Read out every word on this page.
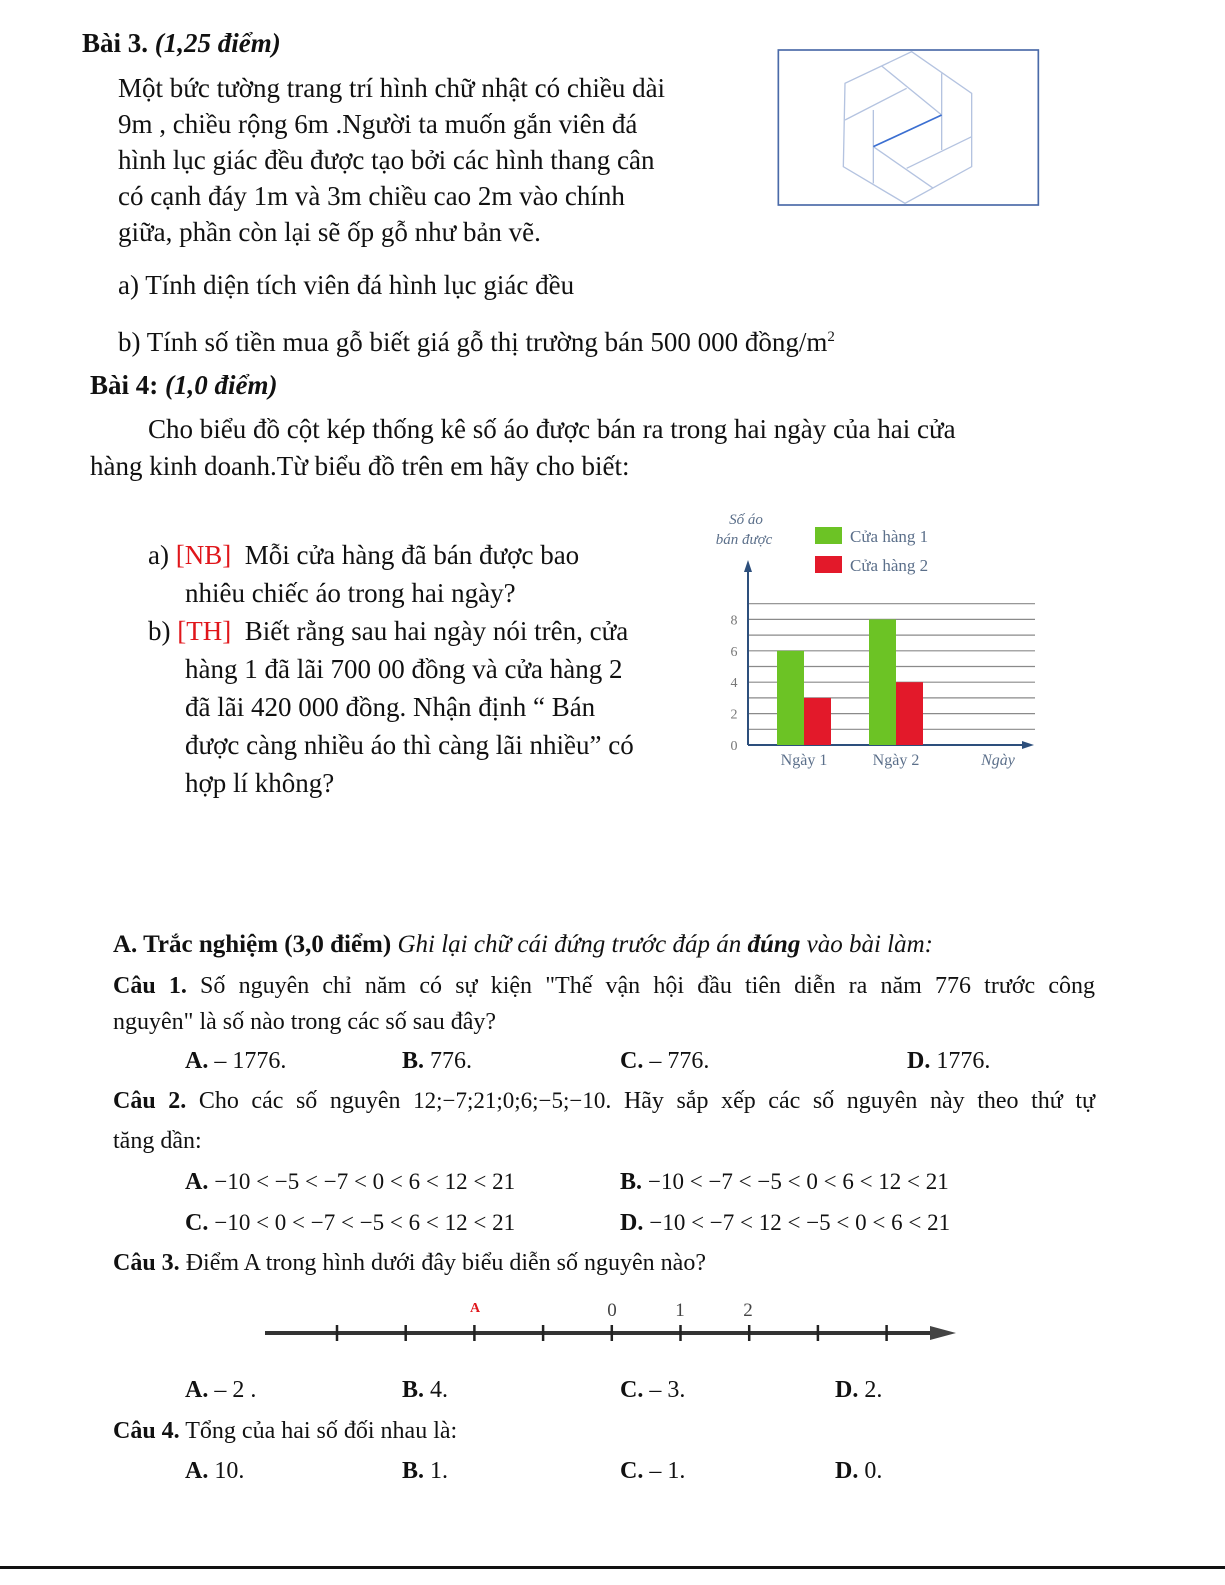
Bài 3. (1,25 điểm)
Một bức tường trang trí hình chữ nhật có chiều dài
9m , chiều rộng 6m .Người ta muốn gắn viên đá
hình lục giác đều được tạo bởi các hình thang cân
có cạnh đáy 1m và 3m chiều cao 2m vào chính
giữa, phần còn lại sẽ ốp gỗ như bản vẽ.
a) Tính diện tích viên đá hình lục giác đều
b) Tính số tiền mua gỗ biết giá gỗ thị trường bán 500 000 đồng/$m^2$
Bài 4: (1,0 điểm)
Cho biểu đồ cột kép thống kê số áo được bán ra trong hai ngày của hai cửa
hàng kinh doanh.Từ biểu đồ trên em hãy cho biết:
a) [NB] Mỗi cửa hàng đã bán được bao
nhiêu chiếc áo trong hai ngày?
b) [TH] Biết rằng sau hai ngày nói trên, cửa
hàng 1 đã lãi 700 00 đồng và cửa hàng 2
đã lãi 420 000 đồng. Nhận định “ Bán
được càng nhiều áo thì càng lãi nhiều” có
hợp lí không?
0
2
4
6
8
Ngày 1	Ngày 2	Ngày
Số áo
bán được	Cửa hàng 1
Cửa hàng 2
A. Trắc nghiệm (3,0 điểm) Ghi lại chữ cái đứng trước đáp án đúng vào bài làm:
Câu 1. Số nguyên chỉ năm có sự kiện "Thế vận hội đầu tiên diễn ra năm 776 trước công
nguyên" là số nào trong các số sau đây?
A. – 1776.	B. 776.	C. – 776.	D. 1776.
Câu 2. Cho các số nguyên 12;−7;21;0;6;−5;−10. Hãy sắp xếp các số nguyên này theo thứ tự
tăng dần:
A. −10 < −5 < −7 < 0 < 6 < 12 < 21	B. −10 < −7 < −5 < 0 < 6 < 12 < 21
C. −10 < 0 < −7 < −5 < 6 < 12 < 21	D. −10 < −7 < 12 < −5 < 0 < 6 < 21
Câu 3. Điểm A trong hình dưới đây biểu diễn số nguyên nào?
A	0	1	2
A. – 2 .	B. 4.	C. – 3.	D. 2.
Câu 4. Tổng của hai số đối nhau là:
A. 10.	B. 1.	C. – 1.	D. 0.
